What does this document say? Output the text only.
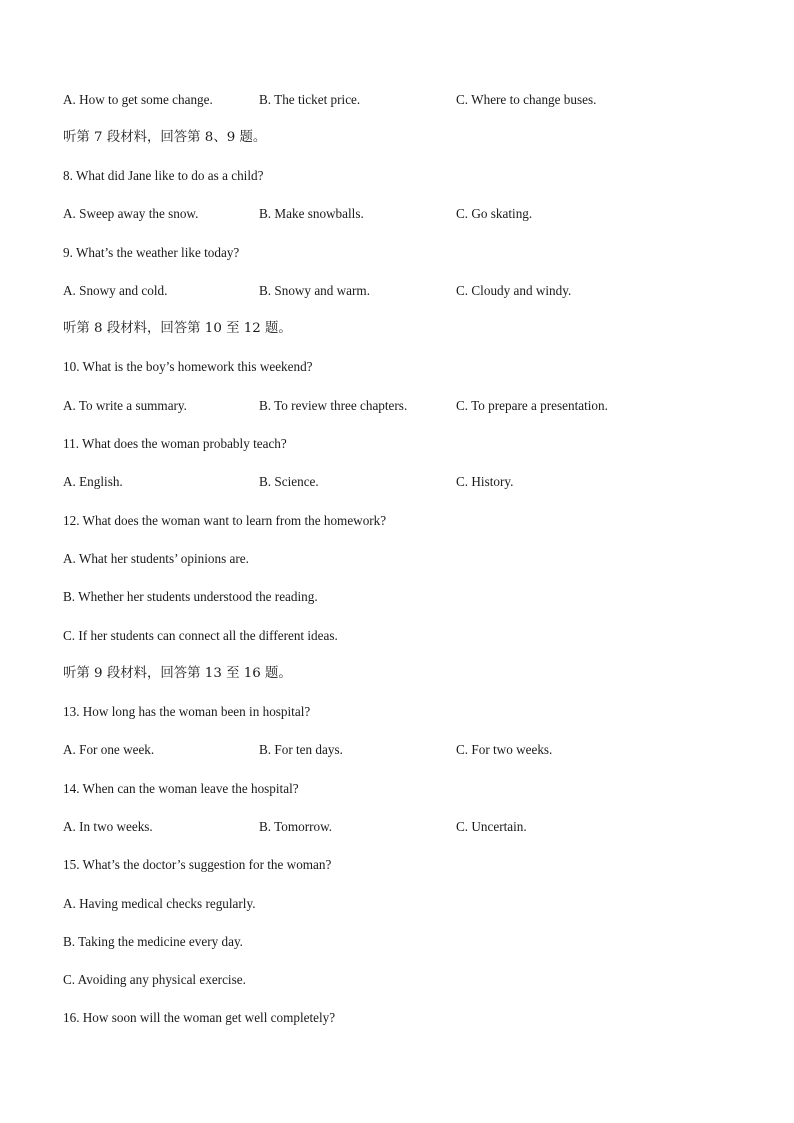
A. How to get some change.	B. The ticket price.	C. Where to change buses.
听第 7 段材料，回答第 8、9 题。
8. What did Jane like to do as a child?
A. Sweep away the snow.	B. Make snowballs.	C. Go skating.
9. What’s the weather like today?
A. Snowy and cold.	B. Snowy and warm.	C. Cloudy and windy.
听第 8 段材料，回答第 10 至 12 题。
10. What is the boy’s homework this weekend?
A. To write a summary.	B. To review three chapters.	C. To prepare a presentation.
11. What does the woman probably teach?
A. English.	B. Science.	C. History.
12. What does the woman want to learn from the homework?
A. What her students’ opinions are.
B. Whether her students understood the reading.
C. If her students can connect all the different ideas.
听第 9 段材料，回答第 13 至 16 题。
13. How long has the woman been in hospital?
A. For one week.	B. For ten days.	C. For two weeks.
14. When can the woman leave the hospital?
A. In two weeks.	B. Tomorrow.	C. Uncertain.
15. What’s the doctor’s suggestion for the woman?
A. Having medical checks regularly.
B. Taking the medicine every day.
C. Avoiding any physical exercise.
16. How soon will the woman get well completely?
